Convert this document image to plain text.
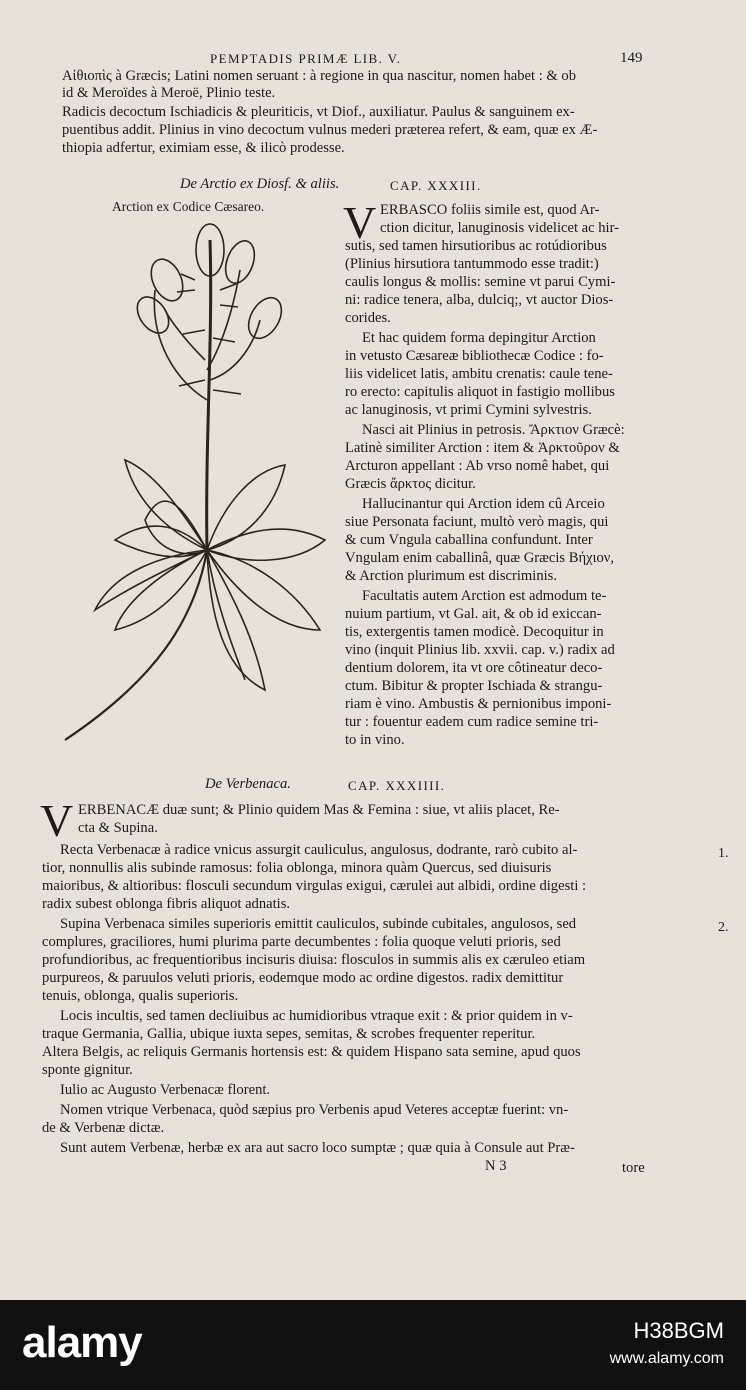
PEMPTADIS PRIMÆ LIB. V.	149
Aἰθιοπὶς à Græcis; Latini nomen seruant : à regione in qua nascitur, nomen habet : & ob
id & Meroïdes à Meroë, Plinio teste.
Radicis decoctum Ischiadicis & pleuriticis, vt Diof., auxiliatur. Paulus & sanguinem ex-
puentibus addit. Plinius in vino decoctum vulnus mederi præterea refert, & eam, quæ ex Æ-
thiopia adfertur, eximiam esse, & ilicò prodesse.
De Arctio ex Diosf. & aliis.	CAP. XXXIII.
Arction ex Codice Cæsareo. V ERBASCO foliis simile est, quod Ar-
ction dicitur, lanuginosis videlicet ac hir-
sutis, sed tamen hirsutioribus ac rotúdioribus
(Plinius hirsutiora tantummodo esse tradit:)
caulis longus & mollis: semine vt parui Cymi-
ni: radice tenera, alba, dulciq;, vt auctor Dios-
corides.
Et hac quidem forma depingitur Arction
in vetusto Cæsareæ bibliothecæ Codice : fo-
liis videlicet latis, ambitu crenatis: caule tene-
ro erecto: capitulis aliquot in fastigio mollibus
ac lanuginosis, vt primi Cymini sylvestris.
Nasci ait Plinius in petrosis. Ἄρκτιον Græcè:
Latinè similiter Arction : item & Ἀρκτοῦρον &
Arcturon appellant : Ab vrso nomê habet, qui
Græcis ἄρκτος dicitur.
Hallucinantur qui Arction idem cû Arceio
siue Personata faciunt, multò verò magis, qui
& cum Vngula caballina confundunt. Inter
Vngulam enim caballinâ, quæ Græcis Βήχιον,
& Arction plurimum est discriminis.
Facultatis autem Arction est admodum te-
nuium partium, vt Gal. ait, & ob id exiccan-
tis, extergentis tamen modicè. Decoquitur in
vino (inquit Plinius lib. xxvii. cap. v.) radix ad
dentium dolorem, ita vt ore côtineatur deco-
ctum. Bibitur & propter Ischiada & strangu-
riam è vino. Ambustis & pernionibus imponi-
tur : fouentur eadem cum radice semine tri-
to in vino.
De Verbenaca.	CAP. XXXIIII.
V ERBENACÆ duæ sunt; & Plinio quidem Mas & Femina : siue, vt aliis placet, Re-
cta & Supina.
Recta Verbenacæ à radice vnicus assurgit cauliculus, angulosus, dodrante, rarò cubito al-
tior, nonnullis alis subinde ramosus: folia oblonga, minora quàm Quercus, sed diuisuris
maioribus, & altioribus: flosculi secundum virgulas exigui, cærulei aut albidi, ordine digesti :
radix subest oblonga fibris aliquot adnatis.
Supina Verbenaca similes superioris emittit cauliculos, subinde cubitales, angulosos, sed
complures, graciliores, humi plurima parte decumbentes : folia quoque veluti prioris, sed
profundioribus, ac frequentioribus incisuris diuisa: flosculos in summis alis ex cæruleo etiam
purpureos, & paruulos veluti prioris, eodemque modo ac ordine digestos. radix demittitur
tenuis, oblonga, qualis superioris.
Locis incultis, sed tamen decliuibus ac humidioribus vtraque exit : & prior quidem in v-
traque Germania, Gallia, ubique iuxta sepes, semitas, & scrobes frequenter reperitur.
Altera Belgis, ac reliquis Germanis hortensis est: & quidem Hispano sata semine, apud quos
sponte gignitur.
Iulio ac Augusto Verbenacæ florent.
Nomen vtrique Verbenaca, quòd sæpius pro Verbenis apud Veteres acceptæ fuerint: vn-
de & Verbenæ dictæ.
Sunt autem Verbenæ, herbæ ex ara aut sacro loco sumptæ ; quæ quia à Consule aut Præ-
1.
2.
N 3	tore
alamy	H38BGM
www.alamy.com
